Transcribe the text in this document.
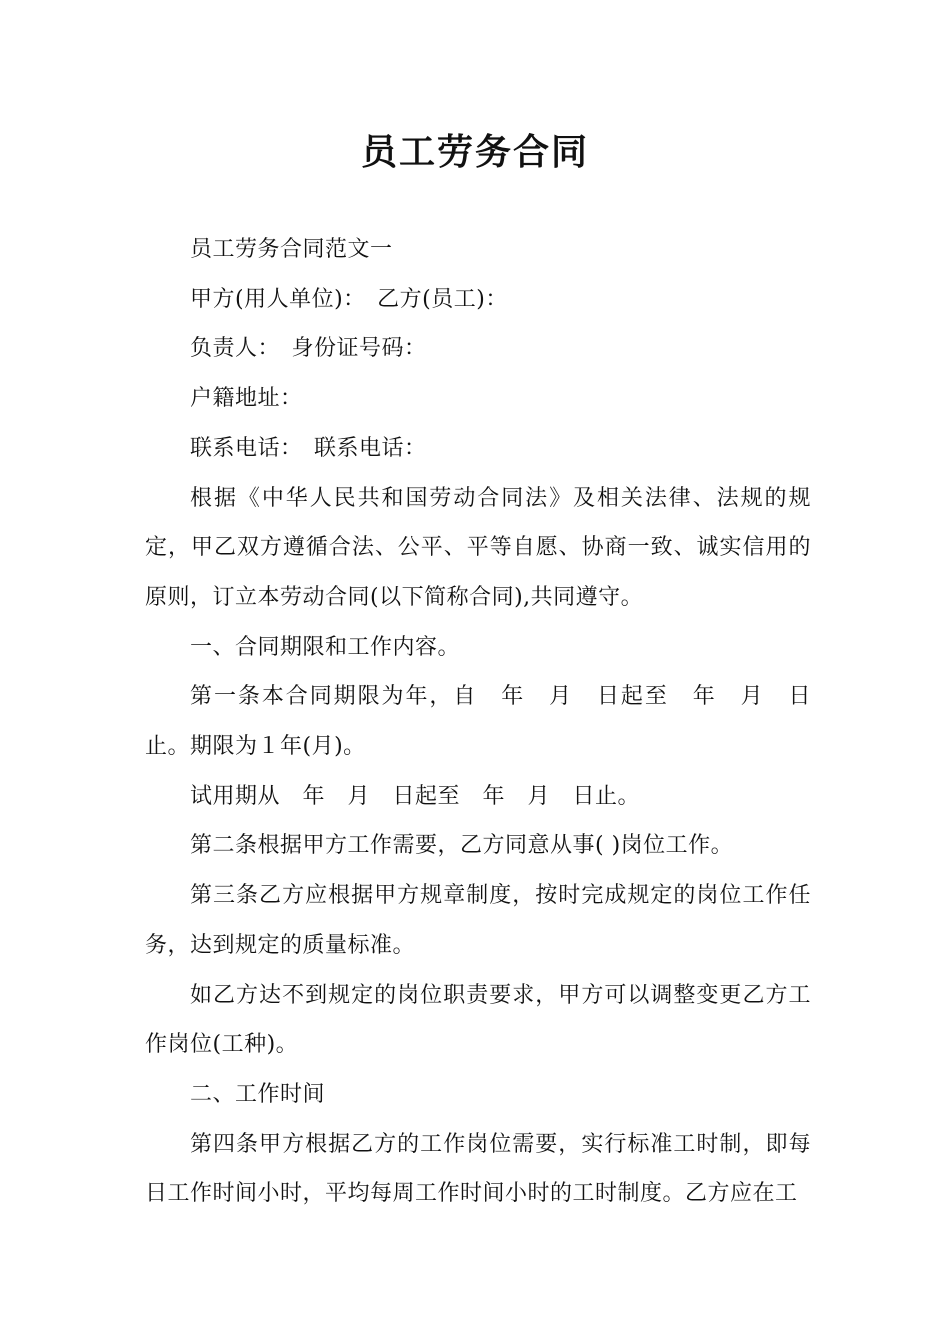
员工劳务合同

员工劳务合同范文一

甲方(用人单位)：　乙方(员工)：

负责人：　身份证号码：

户籍地址：

联系电话：　联系电话：

根据《中华人民共和国劳动合同法》及相关法律、法规的规定，甲乙双方遵循合法、公平、平等自愿、协商一致、诚实信用的原则，订立本劳动合同(以下简称合同),共同遵守。

一、合同期限和工作内容。

第一条本合同期限为年，自　年　月　日起至　年　月　日止。期限为１年(月)。

试用期从　年　月　日起至　年　月　日止。

第二条根据甲方工作需要，乙方同意从事( )岗位工作。

第三条乙方应根据甲方规章制度，按时完成规定的岗位工作任务，达到规定的质量标准。

如乙方达不到规定的岗位职责要求，甲方可以调整变更乙方工作岗位(工种)。

二、工作时间

第四条甲方根据乙方的工作岗位需要，实行标准工时制，即每日工作时间小时，平均每周工作时间小时的工时制度。乙方应在工
